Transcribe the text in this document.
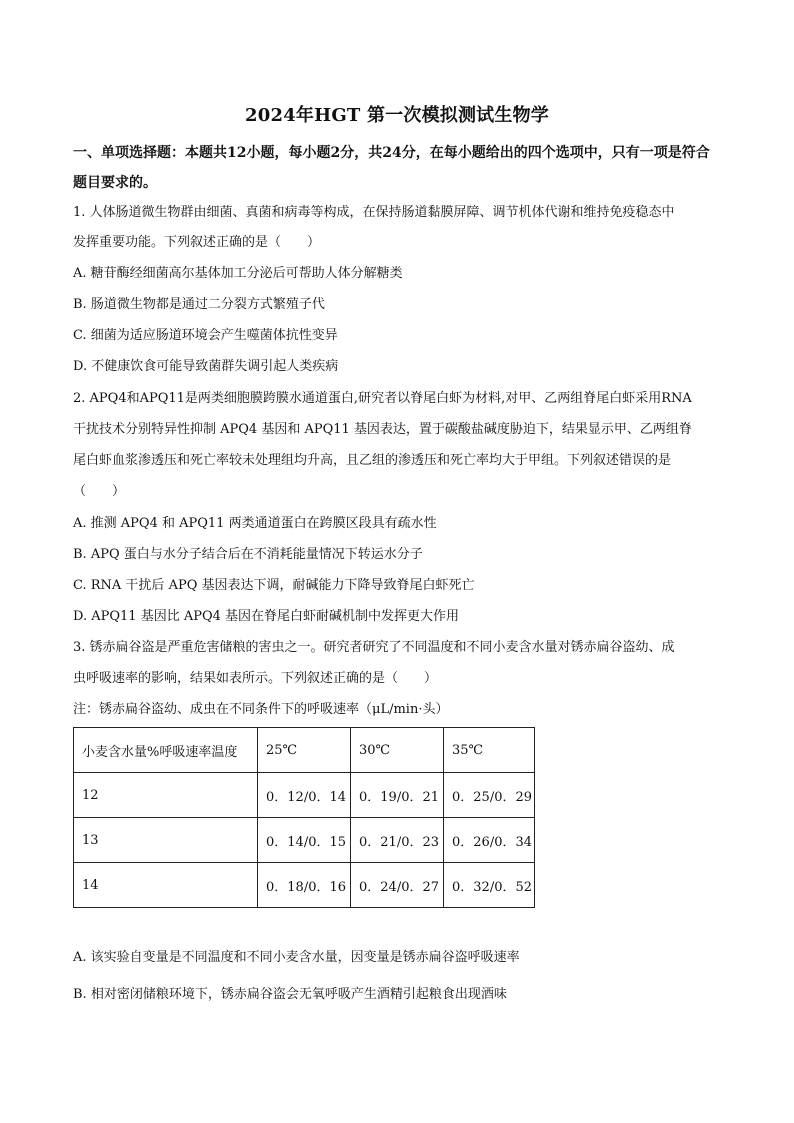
2024年HGT 第一次模拟测试生物学
一、单项选择题：本题共12小题，每小题2分，共24分，在每小题给出的四个选项中，只有一项是符合题目要求的。
1. 人体肠道微生物群由细菌、真菌和病毒等构成，在保持肠道黏膜屏障、调节机体代谢和维持免疫稳态中
发挥重要功能。下列叙述正确的是（　　）
A. 糖苷酶经细菌高尔基体加工分泌后可帮助人体分解糖类
B. 肠道微生物都是通过二分裂方式繁殖子代
C. 细菌为适应肠道环境会产生噬菌体抗性变异
D. 不健康饮食可能导致菌群失调引起人类疾病
2. APQ4和APQ11是两类细胞膜跨膜水通道蛋白,研究者以脊尾白虾为材料,对甲、乙两组脊尾白虾采用RNA
干扰技术分别特异性抑制 APQ4 基因和 APQ11 基因表达，置于碳酸盐碱度胁迫下，结果显示甲、乙两组脊
尾白虾血浆渗透压和死亡率较未处理组均升高，且乙组的渗透压和死亡率均大于甲组。下列叙述错误的是
（　　）
A. 推测 APQ4 和 APQ11 两类通道蛋白在跨膜区段具有疏水性
B. APQ 蛋白与水分子结合后在不消耗能量情况下转运水分子
C. RNA 干扰后 APQ 基因表达下调，耐碱能力下降导致脊尾白虾死亡
D. APQ11 基因比 APQ4 基因在脊尾白虾耐碱机制中发挥更大作用
3. 锈赤扁谷盗是严重危害储粮的害虫之一。研究者研究了不同温度和不同小麦含水量对锈赤扁谷盗幼、成
虫呼吸速率的影响，结果如表所示。下列叙述正确的是（　　）
注：锈赤扁谷盗幼、成虫在不同条件下的呼吸速率（μL/min·头）
小麦含水量%呼吸速率温度	25℃	30℃	35℃
12	0．12/0．14	0．19/0．21	0．25/0．29
13	0．14/0．15	0．21/0．23	0．26/0．34
14	0．18/0．16	0．24/0．27	0．32/0．52
A. 该实验自变量是不同温度和不同小麦含水量，因变量是锈赤扁谷盗呼吸速率
B. 相对密闭储粮环境下，锈赤扁谷盗会无氧呼吸产生酒精引起粮食出现酒味
